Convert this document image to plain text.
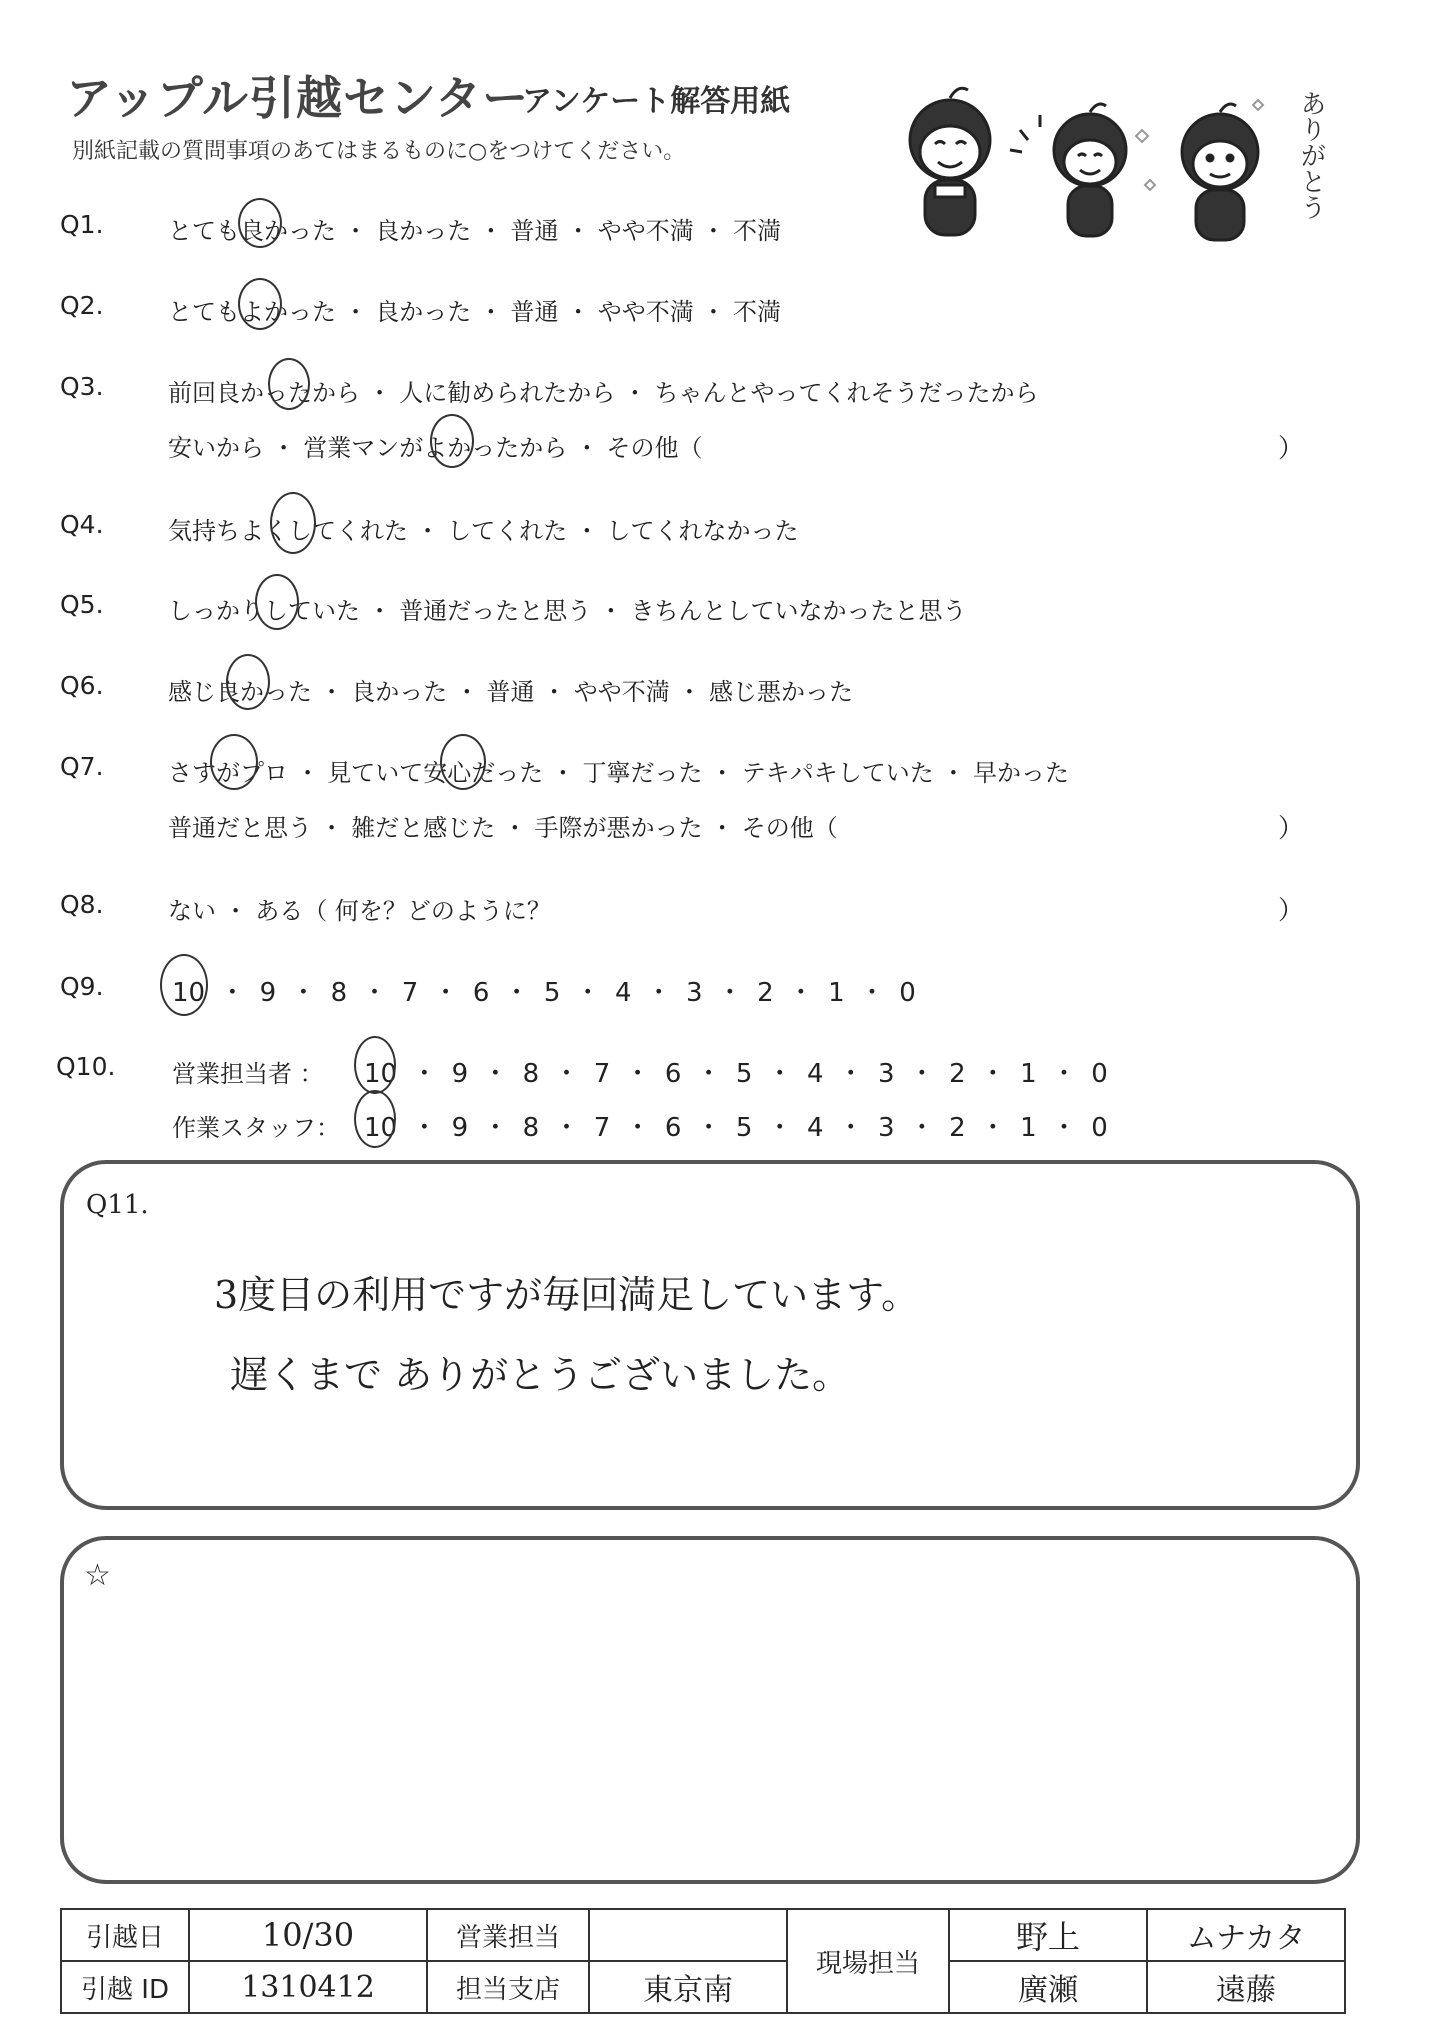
アップル引越センター
アンケート解答用紙
別紙記載の質問事項のあてはまるものに○をつけてください。	ありがとう
Q1.	とても良かった ・ 良かった ・ 普通 ・ やや不満 ・ 不満
Q2.	とてもよかった ・ 良かった ・ 普通 ・ やや不満 ・ 不満
Q3.	前回良かったから ・ 人に勧められたから ・ ちゃんとやってくれそうだったから
安いから ・ 営業マンがよかったから ・ その他（	）
Q4.	気持ちよくしてくれた ・ してくれた ・ してくれなかった
Q5.	しっかりしていた ・ 普通だったと思う ・ きちんとしていなかったと思う
Q6.	感じ良かった ・ 良かった ・ 普通 ・ やや不満 ・ 感じ悪かった
Q7.	さすがプロ ・ 見ていて安心だった ・ 丁寧だった ・ テキパキしていた ・ 早かった
普通だと思う ・ 雑だと感じた ・ 手際が悪かった ・ その他（	）
Q8.	ない ・ ある（ 何を？どのように？	）
Q9.	10 ・ 9 ・ 8 ・ 7 ・ 6 ・ 5 ・ 4 ・ 3 ・ 2 ・ 1 ・ 0
Q10. 営業担当者 ： 10 ・ 9 ・ 8 ・ 7 ・ 6 ・ 5 ・ 4 ・ 3 ・ 2 ・ 1 ・ 0
作業スタッフ： 10 ・ 9 ・ 8 ・ 7 ・ 6 ・ 5 ・ 4 ・ 3 ・ 2 ・ 1 ・ 0
Q11.
3度目の利用ですが毎回満足しています。
遅くまで ありがとうございました。
☆
引越日	10/30	営業担当		現場担当	野上	ムナカタ
引越 ID	1310412	担当支店	東京南		廣瀬	遠藤
